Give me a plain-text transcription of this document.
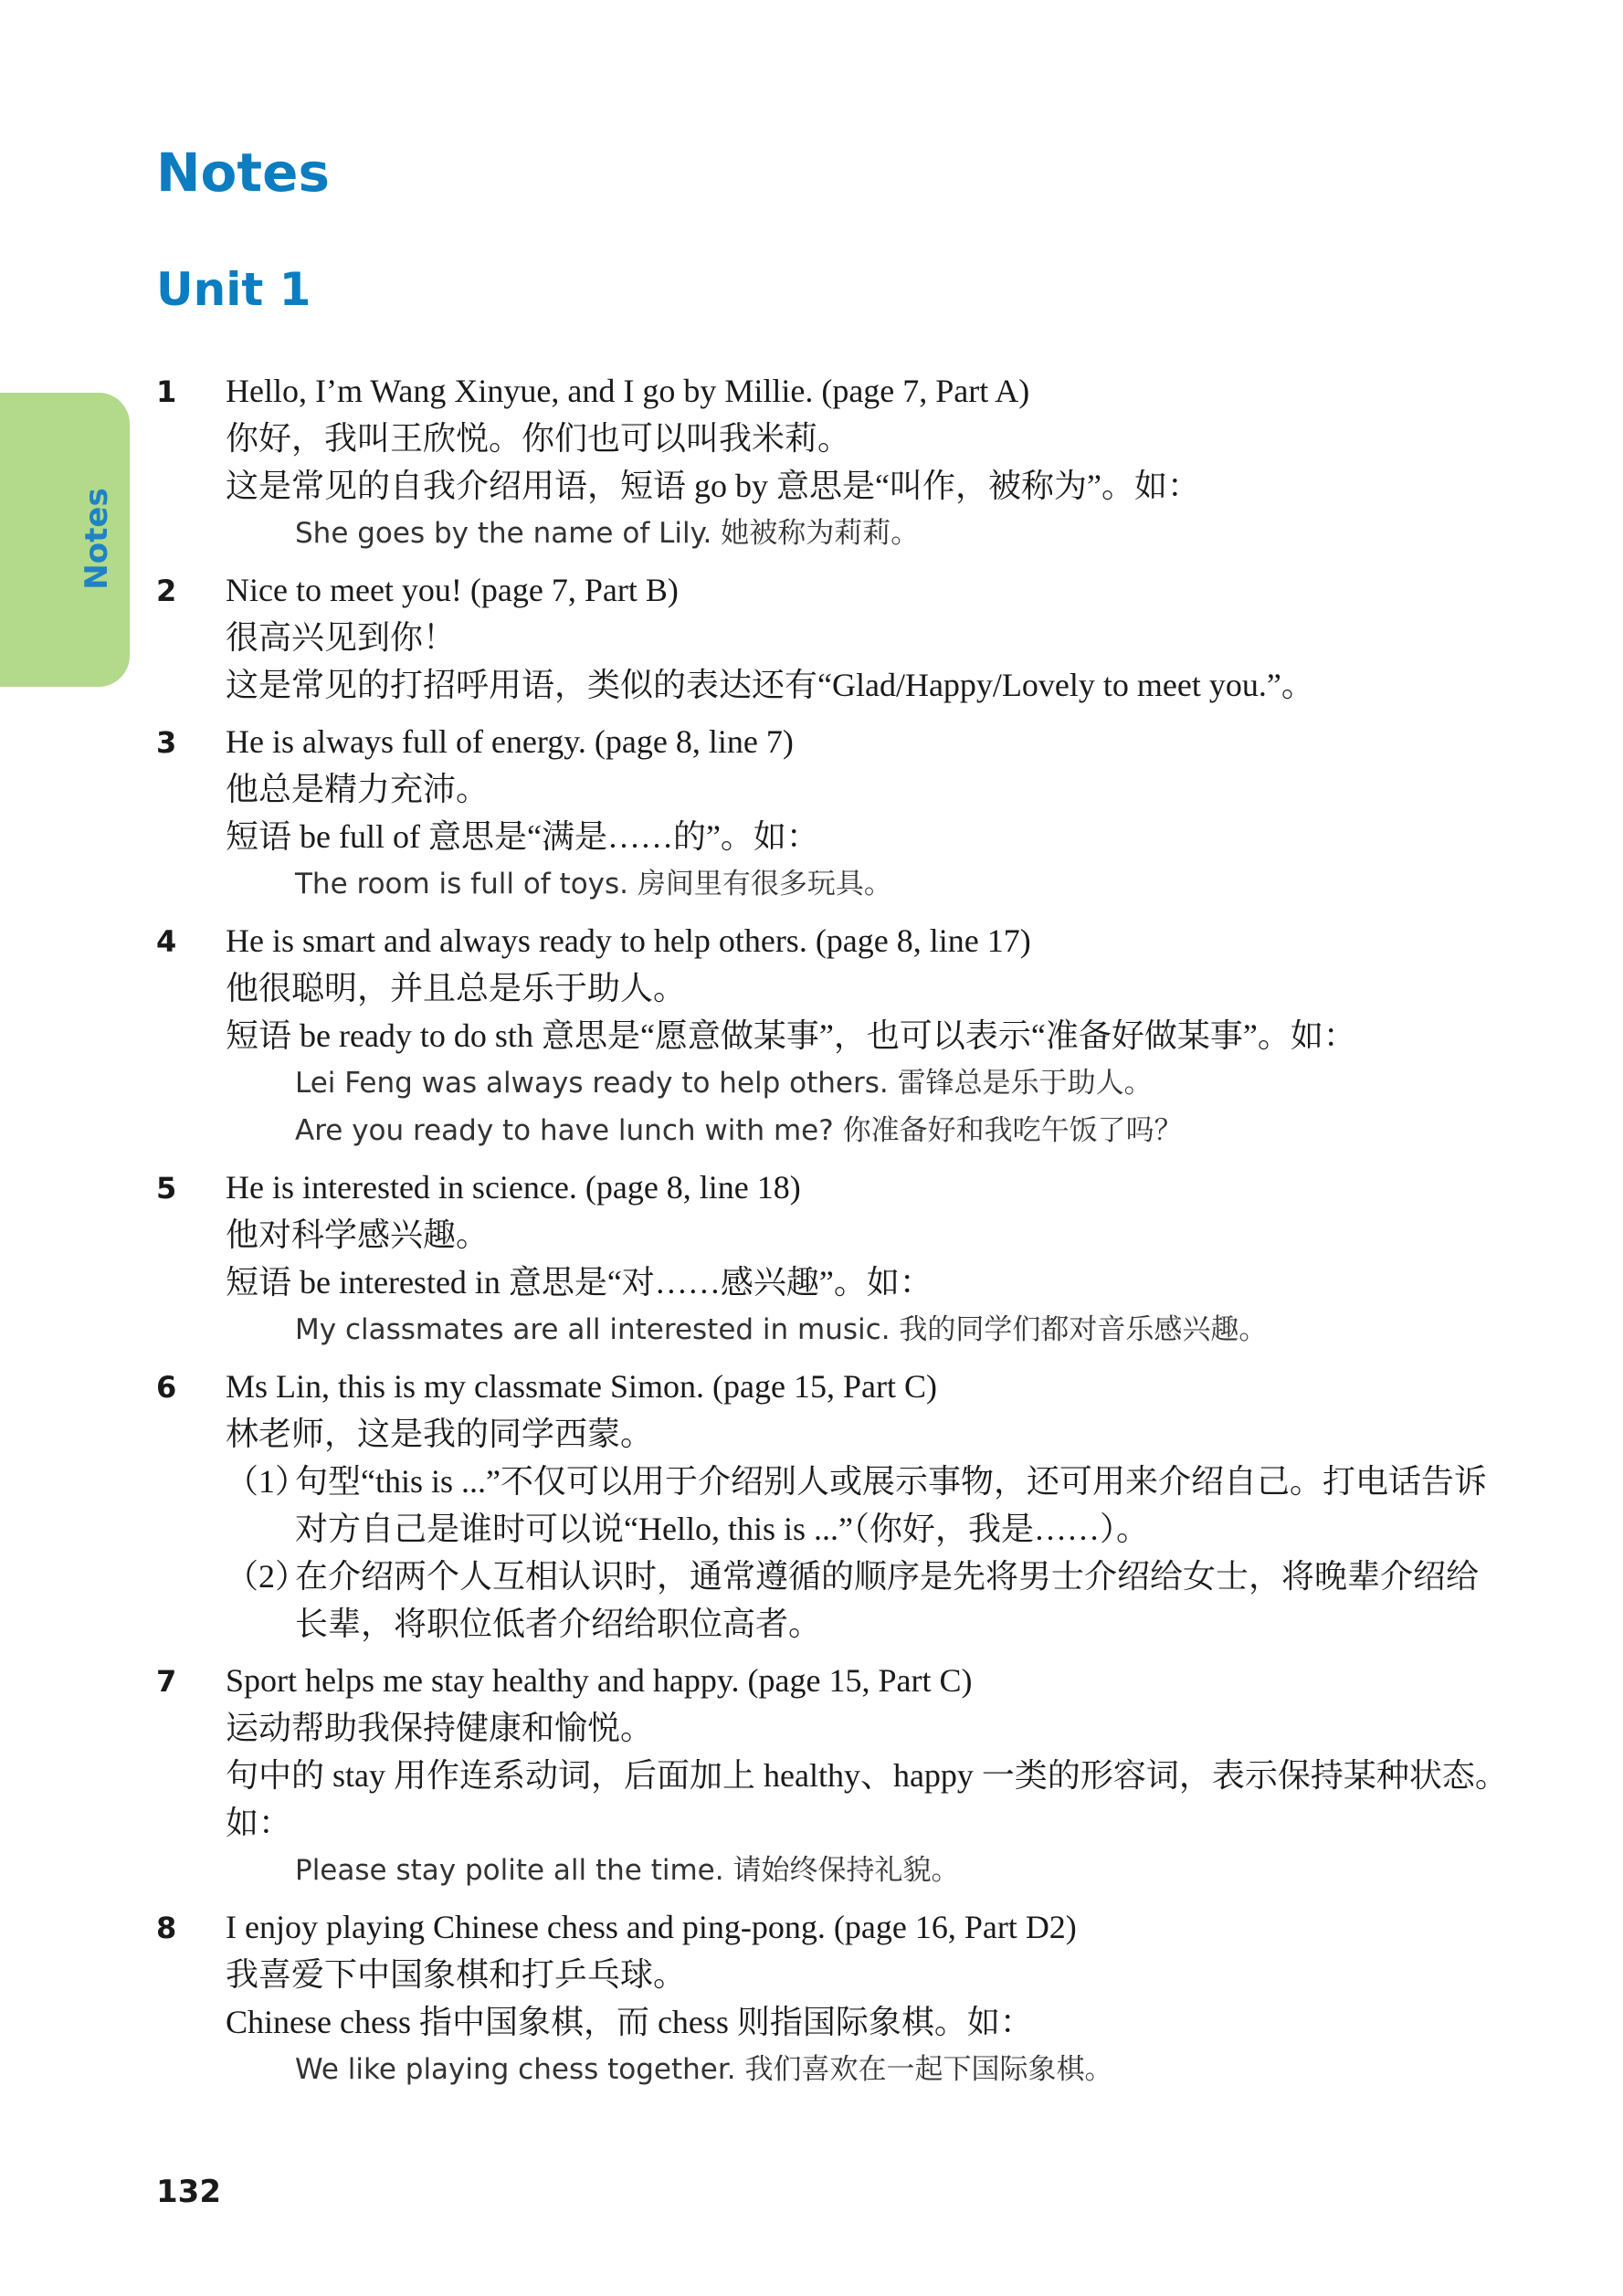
Notes
Notes
Unit 1
1 Hello, I’m Wang Xinyue, and I go by Millie. (page 7, Part A)
你好，我叫王欣悦。你们也可以叫我米莉。
这是常见的自我介绍用语，短语 go by 意思是“叫作，被称为”。如：
She goes by the name of Lily. 她被称为莉莉。
2 Nice to meet you! (page 7, Part B)
很高兴见到你！
这是常见的打招呼用语，类似的表达还有“Glad/Happy/Lovely to meet you.”。
3 He is always full of energy. (page 8, line 7)
他总是精力充沛。
短语 be full of 意思是“满是……的”。如：
The room is full of toys. 房间里有很多玩具。
4 He is smart and always ready to help others. (page 8, line 17)
他很聪明，并且总是乐于助人。
短语 be ready to do sth 意思是“愿意做某事”，也可以表示“准备好做某事”。如：
Lei Feng was always ready to help others. 雷锋总是乐于助人。
Are you ready to have lunch with me? 你准备好和我吃午饭了吗？
5 He is interested in science. (page 8, line 18)
他对科学感兴趣。
短语 be interested in 意思是“对……感兴趣”。如：
My classmates are all interested in music. 我的同学们都对音乐感兴趣。
6 Ms Lin, this is my classmate Simon. (page 15, Part C)
林老师，这是我的同学西蒙。
（1）
句型“this is ...”不仅可以用于介绍别人或展示事物，还可用来介绍自己。打电话告诉对方自己是谁时可以说“Hello, this is ...”（你好，我是……）。
（2）
在介绍两个人互相认识时，通常遵循的顺序是先将男士介绍给女士，将晚辈介绍给长辈，将职位低者介绍给职位高者。
7 Sport helps me stay healthy and happy. (page 15, Part C)
运动帮助我保持健康和愉悦。
句中的 stay 用作连系动词，后面加上 healthy、happy 一类的形容词，表示保持某种状态。如：
Please stay polite all the time. 请始终保持礼貌。
8 I enjoy playing Chinese chess and ping-pong. (page 16, Part D2)
我喜爱下中国象棋和打乒乓球。
Chinese chess 指中国象棋，而 chess 则指国际象棋。如：
We like playing chess together. 我们喜欢在一起下国际象棋。
132
